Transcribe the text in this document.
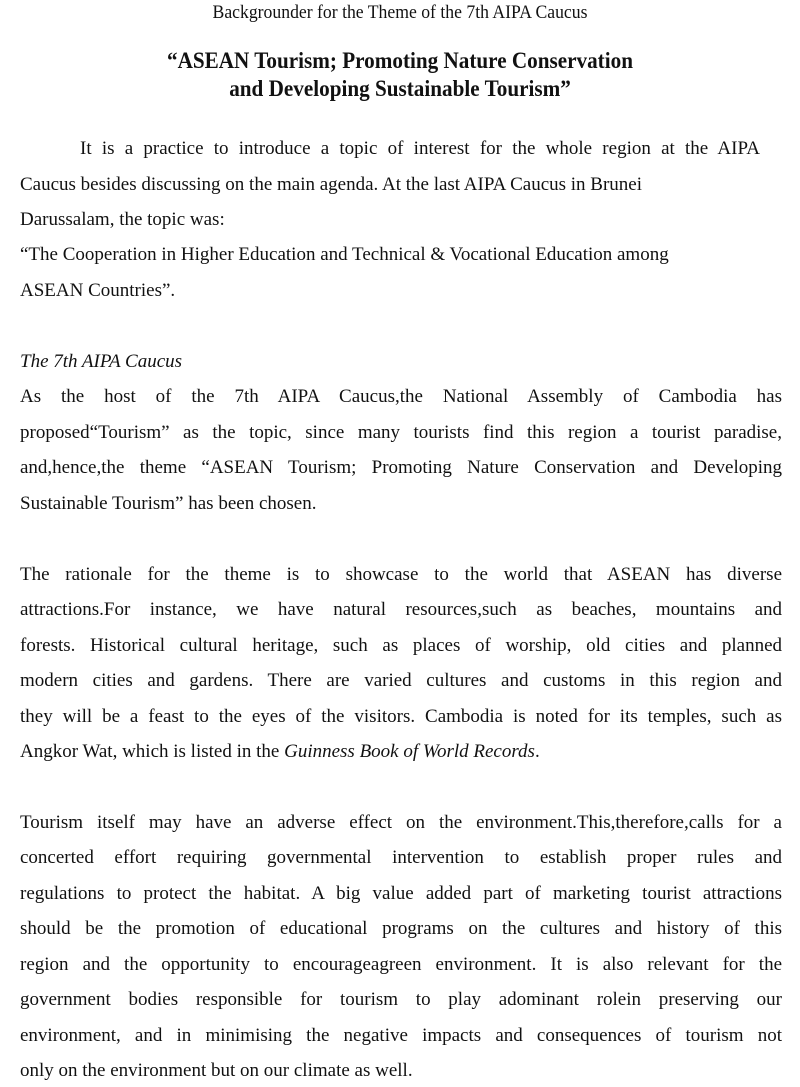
Backgrounder for the Theme of the 7th AIPA Caucus
“ASEAN Tourism; Promoting Nature Conservation
and Developing Sustainable Tourism”
It is a practice to introduce a topic of interest for the whole region at the AIPA
Caucus besides discussing on the main agenda. At the last AIPA Caucus in Brunei
Darussalam, the topic was:
“The Cooperation in Higher Education and Technical & Vocational Education among
ASEAN Countries”.
The 7th AIPA Caucus
As the host of the 7th AIPA Caucus,the National Assembly of Cambodia has
proposed“Tourism” as the topic, since many tourists find this region a tourist paradise,
and,hence,the theme “ASEAN Tourism; Promoting Nature Conservation and Developing
Sustainable Tourism” has been chosen.
The rationale for the theme is to showcase to the world that ASEAN has diverse
attractions.For instance, we have natural resources,such as beaches, mountains and
forests. Historical cultural heritage, such as places of worship, old cities and planned
modern cities and gardens. There are varied cultures and customs in this region and
they will be a feast to the eyes of the visitors. Cambodia is noted for its temples, such as
Angkor Wat, which is listed in the Guinness Book of World Records.
Tourism itself may have an adverse effect on the environment.This,therefore,calls for a
concerted effort requiring governmental intervention to establish proper rules and
regulations to protect the habitat. A big value added part of marketing tourist attractions
should be the promotion of educational programs on the cultures and history of this
region and the opportunity to encourageagreen environment. It is also relevant for the
government bodies responsible for tourism to play adominant rolein preserving our
environment, and in minimising the negative impacts and consequences of tourism not
only on the environment but on our climate as well.
